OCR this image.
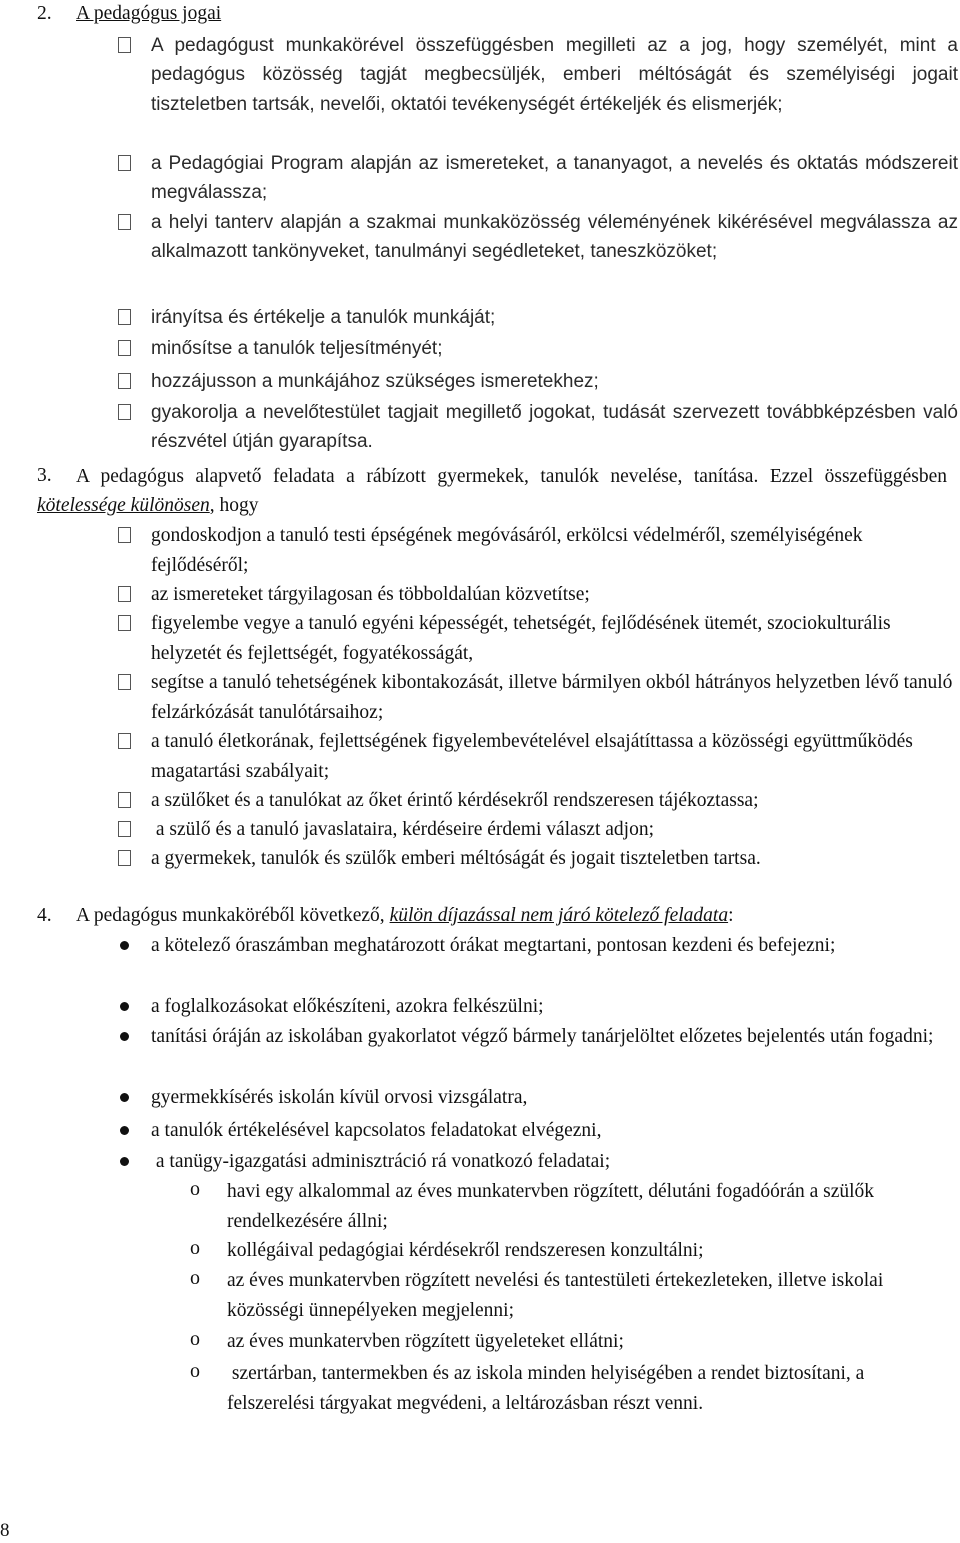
2. A pedagógus jogai
A pedagógust munkakörével összefüggésben megilleti az a jog, hogy személyét, mint a pedagógus közösség tagját megbecsüljék, emberi méltóságát és személyiségi jogait tiszteletben tartsák, nevelői, oktatói tevékenységét értékeljék és elismerjék;
a Pedagógiai Program alapján az ismereteket, a tananyagot, a nevelés és oktatás módszereit megválassza;
a helyi tanterv alapján a szakmai munkaközösség véleményének kikérésével megválassza az alkalmazott tankönyveket, tanulmányi segédleteket, taneszközöket;
irányítsa és értékelje a tanulók munkáját;
minősítse a tanulók teljesítményét;
hozzájusson a munkájához szükséges ismeretekhez;
gyakorolja a nevelőtestület tagjait megillető jogokat, tudását szervezett továbbképzésben való részvétel útján gyarapítsa.
3.	A pedagógus alapvető feladata a rábízott gyermekek, tanulók nevelése, tanítása. Ezzel összefüggésben kötelessége különösen, hogy
gondoskodjon a tanuló testi épségének megóvásáról, erkölcsi védelméről, személyiségének fejlődéséről;
az ismereteket tárgyilagosan és többoldalúan közvetítse;
figyelembe vegye a tanuló egyéni képességét, tehetségét, fejlődésének ütemét, szociokulturális helyzetét és fejlettségét, fogyatékosságát,
segítse a tanuló tehetségének kibontakozását, illetve bármilyen okból hátrányos helyzetben lévő tanuló felzárkózását tanulótársaihoz;
a tanuló életkorának, fejlettségének figyelembevételével elsajátíttassa a közösségi együttműködés magatartási szabályait;
a szülőket és a tanulókat az őket érintő kérdésekről rendszeresen tájékoztassa;
a szülő és a tanuló javaslataira, kérdéseire érdemi választ adjon;
a gyermekek, tanulók és szülők emberi méltóságát és jogait tiszteletben tartsa.
4. A pedagógus munkaköréből következő, külön díjazással nem járó kötelező feladata:
a kötelező óraszámban meghatározott órákat megtartani, pontosan kezdeni és befejezni;
a foglalkozásokat előkészíteni, azokra felkészülni;
tanítási óráján az iskolában gyakorlatot végző bármely tanárjelöltet előzetes bejelentés után fogadni;
gyermekkísérés iskolán kívül orvosi vizsgálatra,
a tanulók értékelésével kapcsolatos feladatokat elvégezni,
a tanügy-igazgatási adminisztráció rá vonatkozó feladatai;
o havi egy alkalommal az éves munkatervben rögzített, délutáni fogadóórán a szülők rendelkezésére állni;
o kollégáival pedagógiai kérdésekről rendszeresen konzultálni;
o az éves munkatervben rögzített nevelési és tantestületi értekezleteken, illetve iskolai közösségi ünnepélyeken megjelenni;
o az éves munkatervben rögzített ügyeleteket ellátni;
o szertárban, tantermekben és az iskola minden helyiségében a rendet biztosítani, a felszerelési tárgyakat megvédeni, a leltározásban részt venni.
8
